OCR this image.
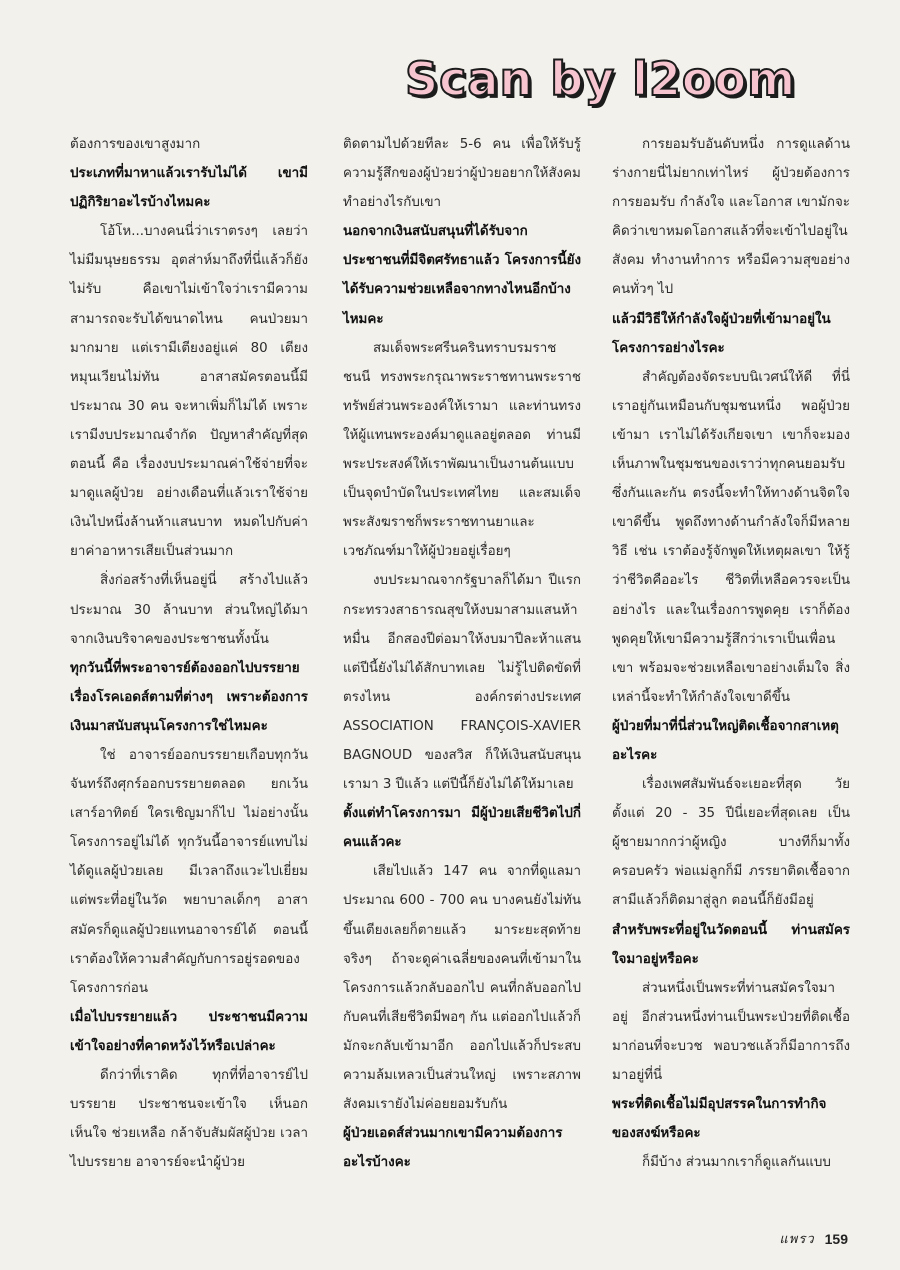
Scan by l2oom

ต้องการของเขาสูงมาก

ประเภทที่มาหาแล้วเรารับไม่ได้ เขามีปฏิกิริยาอะไรบ้างไหมคะ

โอ้โห...บางคนนี่ว่าเราตรงๆ เลยว่าไม่มีมนุษยธรรม อุตส่าห์มาถึงที่นี่แล้วก็ยังไม่รับ คือเขาไม่เข้าใจว่าเรามีความสามารถจะรับได้ขนาดไหน คนป่วยมามากมาย แต่เรามีเตียงอยู่แค่ 80 เตียง หมุนเวียนไม่ทัน อาสาสมัครตอนนี้มีประมาณ 30 คน จะหาเพิ่มก็ไม่ได้ เพราะเรามีงบประมาณจำกัด ปัญหาสำคัญที่สุดตอนนี้ คือ เรื่องงบประมาณค่าใช้จ่ายที่จะมาดูแลผู้ป่วย อย่างเดือนที่แล้วเราใช้จ่ายเงินไปหนึ่งล้านห้าแสนบาท หมดไปกับค่ายาค่าอาหารเสียเป็นส่วนมาก

สิ่งก่อสร้างที่เห็นอยู่นี่ สร้างไปแล้วประมาณ 30 ล้านบาท ส่วนใหญ่ได้มาจากเงินบริจาคของประชาชนทั้งนั้น

ทุกวันนี้ที่พระอาจารย์ต้องออกไปบรรยายเรื่องโรคเอดส์ตามที่ต่างๆ เพราะต้องการเงินมาสนับสนุนโครงการใช่ไหมคะ

ใช่ อาจารย์ออกบรรยายเกือบทุกวันจันทร์ถึงศุกร์ออกบรรยายตลอด ยกเว้นเสาร์อาทิตย์ ใครเชิญมาก็ไป ไม่อย่างนั้นโครงการอยู่ไม่ได้ ทุกวันนี้อาจารย์แทบไม่ได้ดูแลผู้ป่วยเลย มีเวลาถึงแวะไปเยี่ยม แต่พระที่อยู่ในวัด พยาบาลเด็กๆ อาสาสมัครก็ดูแลผู้ป่วยแทนอาจารย์ได้ ตอนนี้เราต้องให้ความสำคัญกับการอยู่รอดของโครงการก่อน

เมื่อไปบรรยายแล้ว ประชาชนมีความเข้าใจอย่างที่คาดหวังไว้หรือเปล่าคะ

ดีกว่าที่เราคิด ทุกที่ที่อาจารย์ไปบรรยาย ประชาชนจะเข้าใจ เห็นอกเห็นใจ ช่วยเหลือ กล้าจับสัมผัสผู้ป่วย เวลาไปบรรยาย อาจารย์จะนำผู้ป่วย

ติดตามไปด้วยทีละ 5-6 คน เพื่อให้รับรู้ความรู้สึกของผู้ป่วยว่าผู้ป่วยอยากให้สังคมทำอย่างไรกับเขา

นอกจากเงินสนับสนุนที่ได้รับจากประชาชนที่มีจิตศรัทธาแล้ว โครงการนี้ยังได้รับความช่วยเหลือจากทางไหนอีกบ้างไหมคะ

สมเด็จพระศรีนครินทราบรมราชชนนี ทรงพระกรุณาพระราชทานพระราชทรัพย์ส่วนพระองค์ให้เรามา และท่านทรงให้ผู้แทนพระองค์มาดูแลอยู่ตลอด ท่านมีพระประสงค์ให้เราพัฒนาเป็นงานต้นแบบเป็นจุดบำบัดในประเทศไทย และสมเด็จพระสังฆราชก็พระราชทานยาและเวชภัณฑ์มาให้ผู้ป่วยอยู่เรื่อยๆ

งบประมาณจากรัฐบาลก็ได้มา ปีแรกกระทรวงสาธารณสุขให้งบมาสามแสนห้าหมื่น อีกสองปีต่อมาให้งบมาปีละห้าแสน แต่ปีนี้ยังไม่ได้สักบาทเลย ไม่รู้ไปติดขัดที่ตรงไหน องค์กรต่างประเทศ ASSOCIATION FRANÇOIS-XAVIER BAGNOUD ของสวิส ก็ให้เงินสนับสนุนเรามา 3 ปีแล้ว แต่ปีนี้ก็ยังไม่ได้ให้มาเลย

ตั้งแต่ทำโครงการมา มีผู้ป่วยเสียชีวิตไปกี่คนแล้วคะ

เสียไปแล้ว 147 คน จากที่ดูแลมาประมาณ 600 - 700 คน บางคนยังไม่ทันขึ้นเตียงเลยก็ตายแล้ว มาระยะสุดท้ายจริงๆ ถ้าจะดูค่าเฉลี่ยของคนที่เข้ามาในโครงการแล้วกลับออกไป คนที่กลับออกไปกับคนที่เสียชีวิตมีพอๆ กัน แต่ออกไปแล้วก็มักจะกลับเข้ามาอีก ออกไปแล้วก็ประสบความล้มเหลวเป็นส่วนใหญ่ เพราะสภาพสังคมเรายังไม่ค่อยยอมรับกัน

ผู้ป่วยเอดส์ส่วนมากเขามีความต้องการอะไรบ้างคะ

การยอมรับอันดับหนึ่ง การดูแลด้านร่างกายนี่ไม่ยากเท่าไหร่ ผู้ป่วยต้องการการยอมรับ กำลังใจ และโอกาส เขามักจะคิดว่าเขาหมดโอกาสแล้วที่จะเข้าไปอยู่ในสังคม ทำงานทำการ หรือมีความสุขอย่างคนทั่วๆ ไป

แล้วมีวิธีให้กำลังใจผู้ป่วยที่เข้ามาอยู่ในโครงการอย่างไรคะ

สำคัญต้องจัดระบบนิเวศน์ให้ดี ที่นี่เราอยู่กันเหมือนกับชุมชนหนึ่ง พอผู้ป่วยเข้ามา เราไม่ได้รังเกียจเขา เขาก็จะมองเห็นภาพในชุมชนของเราว่าทุกคนยอมรับซึ่งกันและกัน ตรงนี้จะทำให้ทางด้านจิตใจเขาดีขึ้น พูดถึงทางด้านกำลังใจก็มีหลายวิธี เช่น เราต้องรู้จักพูดให้เหตุผลเขา ให้รู้ว่าชีวิตคืออะไร ชีวิตที่เหลือควรจะเป็นอย่างไร และในเรื่องการพูดคุย เราก็ต้องพูดคุยให้เขามีความรู้สึกว่าเราเป็นเพื่อนเขา พร้อมจะช่วยเหลือเขาอย่างเต็มใจ สิ่งเหล่านี้จะทำให้กำลังใจเขาดีขึ้น

ผู้ป่วยที่มาที่นี่ส่วนใหญ่ติดเชื้อจากสาเหตุอะไรคะ

เรื่องเพศสัมพันธ์จะเยอะที่สุด วัยตั้งแต่ 20 - 35 ปีนี่เยอะที่สุดเลย เป็นผู้ชายมากกว่าผู้หญิง บางทีก็มาทั้งครอบครัว พ่อแม่ลูกก็มี ภรรยาติดเชื้อจากสามีแล้วก็ติดมาสู่ลูก ตอนนี้ก็ยังมีอยู่

สำหรับพระที่อยู่ในวัดตอนนี้ ท่านสมัครใจมาอยู่หรือคะ

ส่วนหนึ่งเป็นพระที่ท่านสมัครใจมาอยู่ อีกส่วนหนึ่งท่านเป็นพระป่วยที่ติดเชื้อมาก่อนที่จะบวช พอบวชแล้วก็มีอาการถึงมาอยู่ที่นี่

พระที่ติดเชื้อไม่มีอุปสรรคในการทำกิจของสงฆ์หรือคะ

ก็มีบ้าง ส่วนมากเราก็ดูแลกันแบบ

แพรว 159
